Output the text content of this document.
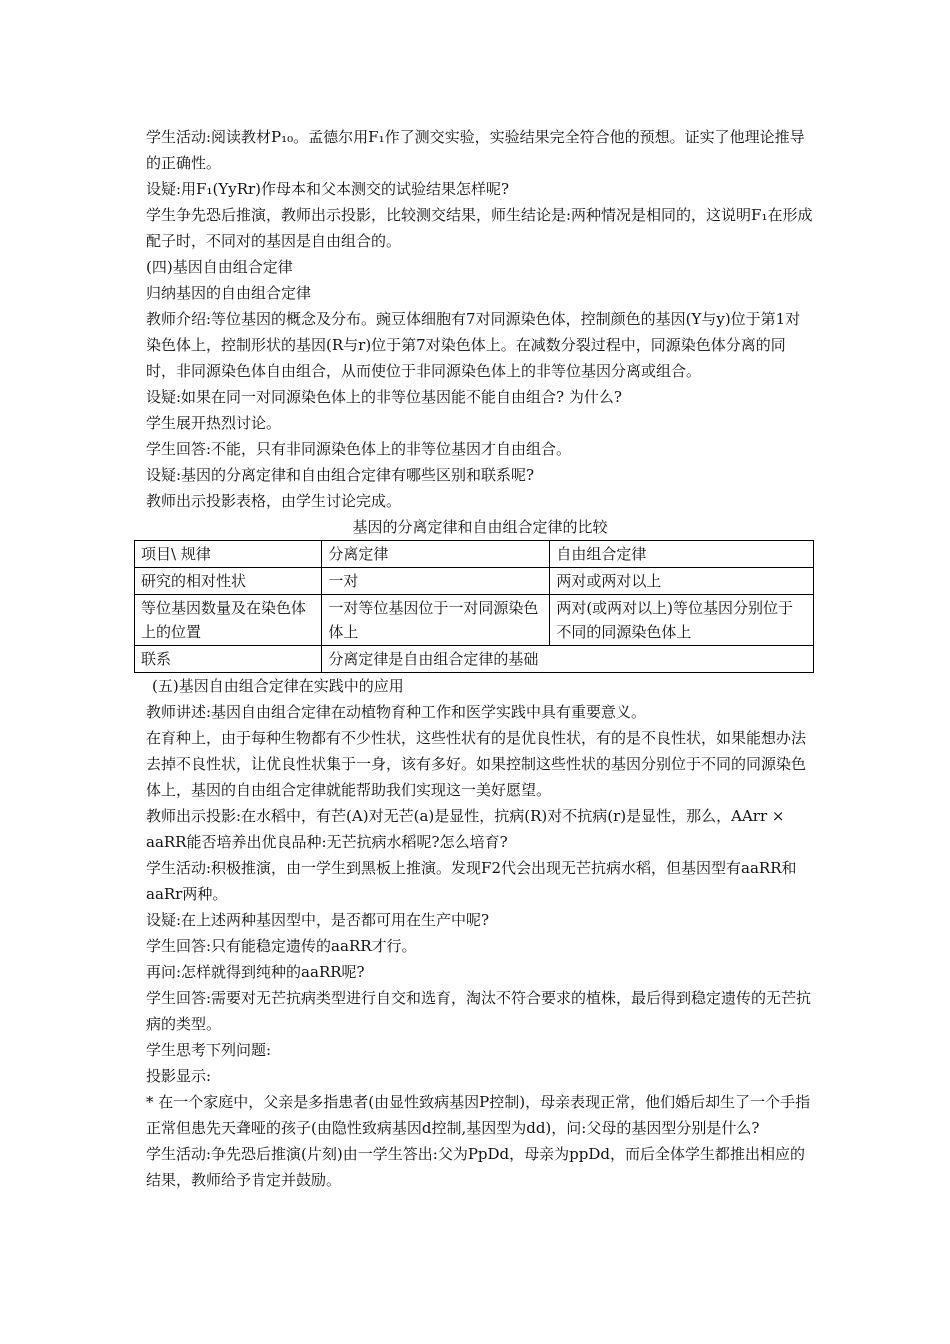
学生活动:阅读教材P₁₀。孟德尔用F₁作了测交实验，实验结果完全符合他的预想。证实了他理论推导的正确性。

设疑:用F₁(YyRr)作母本和父本测交的试验结果怎样呢?

学生争先恐后推演，教师出示投影，比较测交结果，师生结论是:两种情况是相同的，这说明F₁在形成配子时，不同对的基因是自由组合的。

(四)基因自由组合定律

归纳基因的自由组合定律

教师介绍:等位基因的概念及分布。豌豆体细胞有7对同源染色体，控制颜色的基因(Y与y)位于第1对染色体上，控制形状的基因(R与r)位于第7对染色体上。在减数分裂过程中，同源染色体分离的同时，非同源染色体自由组合，从而使位于非同源染色体上的非等位基因分离或组合。

设疑:如果在同一对同源染色体上的非等位基因能不能自由组合? 为什么?

学生展开热烈讨论。

学生回答:不能，只有非同源染色体上的非等位基因才自由组合。

设疑:基因的分离定律和自由组合定律有哪些区别和联系呢?

教师出示投影表格，由学生讨论完成。

基因的分离定律和自由组合定律的比较

项目\ 规律	分离定律	自由组合定律
研究的相对性状	一对	两对或两对以上
等位基因数量及在染色体上的位置	一对等位基因位于一对同源染色体上	两对(或两对以上)等位基因分别位于不同的同源染色体上
联系	分离定律是自由组合定律的基础	

(五)基因自由组合定律在实践中的应用

教师讲述:基因自由组合定律在动植物育种工作和医学实践中具有重要意义。

在育种上，由于每种生物都有不少性状，这些性状有的是优良性状，有的是不良性状，如果能想办法去掉不良性状，让优良性状集于一身，该有多好。如果控制这些性状的基因分别位于不同的同源染色体上，基因的自由组合定律就能帮助我们实现这一美好愿望。

教师出示投影:在水稻中，有芒(A)对无芒(a)是显性，抗病(R)对不抗病(r)是显性，那么，AArr × aaRR能否培养出优良品种:无芒抗病水稻呢?怎么培育?

学生活动:积极推演，由一学生到黑板上推演。发现F2代会出现无芒抗病水稻，但基因型有aaRR和aaRr两种。

设疑:在上述两种基因型中，是否都可用在生产中呢?

学生回答:只有能稳定遗传的aaRR才行。

再问:怎样就得到纯种的aaRR呢?

学生回答:需要对无芒抗病类型进行自交和选育，淘汰不符合要求的植株，最后得到稳定遗传的无芒抗病的类型。

学生思考下列问题:

投影显示:

* 在一个家庭中，父亲是多指患者(由显性致病基因P控制)，母亲表现正常，他们婚后却生了一个手指正常但患先天聋哑的孩子(由隐性致病基因d控制,基因型为dd)，问:父母的基因型分别是什么?

学生活动:争先恐后推演(片刻)由一学生答出:父为PpDd，母亲为ppDd，而后全体学生都推出相应的结果，教师给予肯定并鼓励。
